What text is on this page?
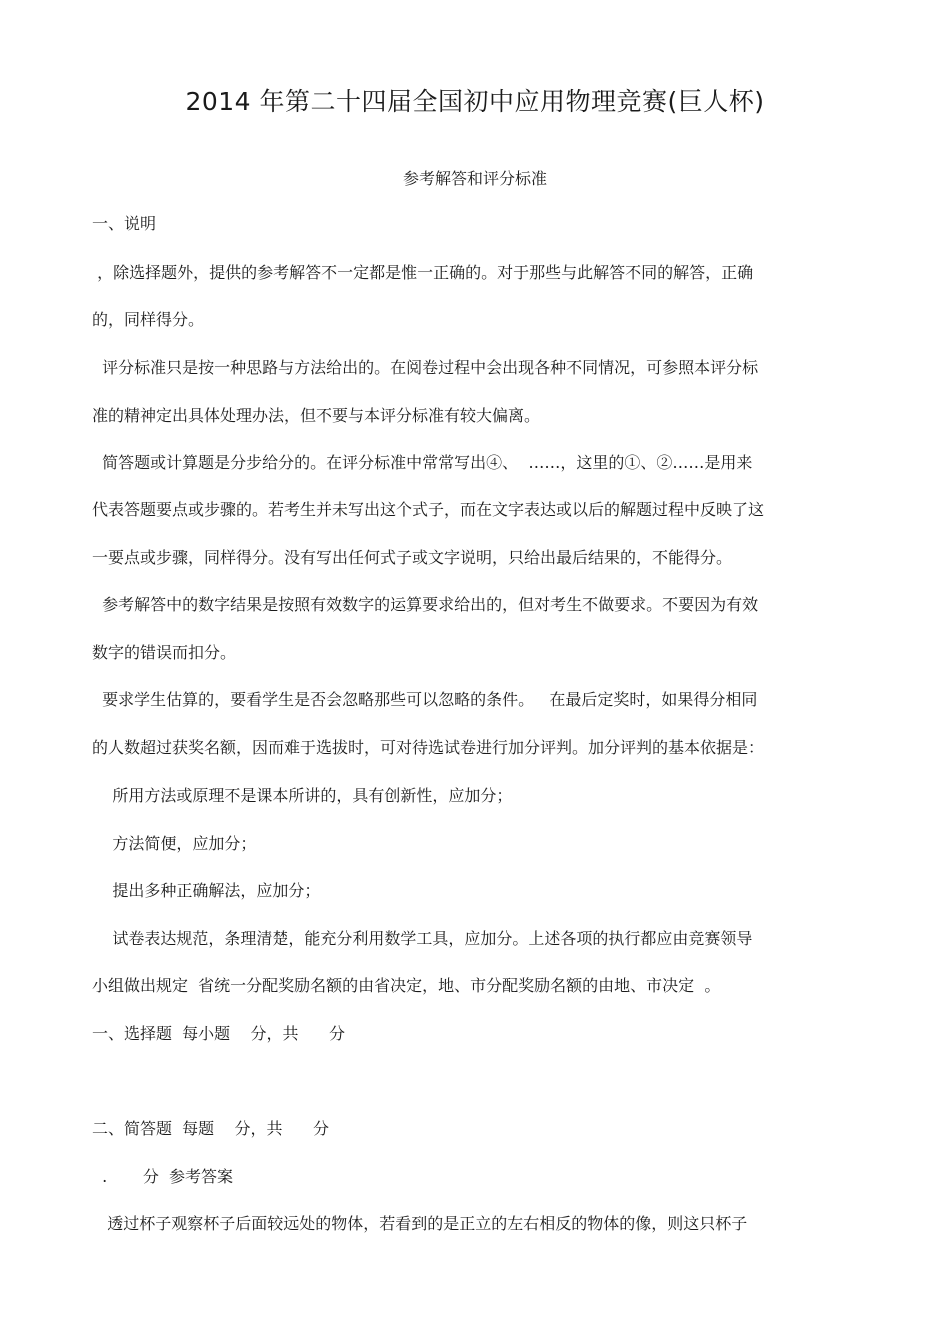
2014 年第二十四届全国初中应用物理竞赛(巨人杯)
参考解答和评分标准
一、说明
，除选择题外，提供的参考解答不一定都是惟一正确的。对于那些与此解答不同的解答，正确
的，同样得分。
评分标准只是按一种思路与方法给出的。在阅卷过程中会出现各种不同情况，可参照本评分标
准的精神定出具体处理办法，但不要与本评分标准有较大偏离。
简答题或计算题是分步给分的。在评分标准中常常写出④、  ……，这里的①、②……是用来
代表答题要点或步骤的。若考生并未写出这个式子，而在文字表达或以后的解题过程中反映了这
一要点或步骤，同样得分。没有写出任何式子或文字说明，只给出最后结果的，不能得分。
参考解答中的数字结果是按照有效数字的运算要求给出的，但对考生不做要求。不要因为有效
数字的错误而扣分。
要求学生估算的，要看学生是否会忽略那些可以忽略的条件。   在最后定奖时，如果得分相同
的人数超过获奖名额，因而难于选拔时，可对待选试卷进行加分评判。加分评判的基本依据是：
所用方法或原理不是课本所讲的，具有创新性，应加分；
方法简便，应加分；
提出多种正确解法，应加分；
试卷表达规范，条理清楚，能充分利用数学工具，应加分。上述各项的执行都应由竞赛领导
小组做出规定  省统一分配奖励名额的由省决定，地、市分配奖励名额的由地、市决定  。
一、选择题  每小题    分，共      分
二、简答题  每题    分，共      分
.       分  参考答案
透过杯子观察杯子后面较远处的物体，若看到的是正立的左右相反的物体的像，则这只杯子
